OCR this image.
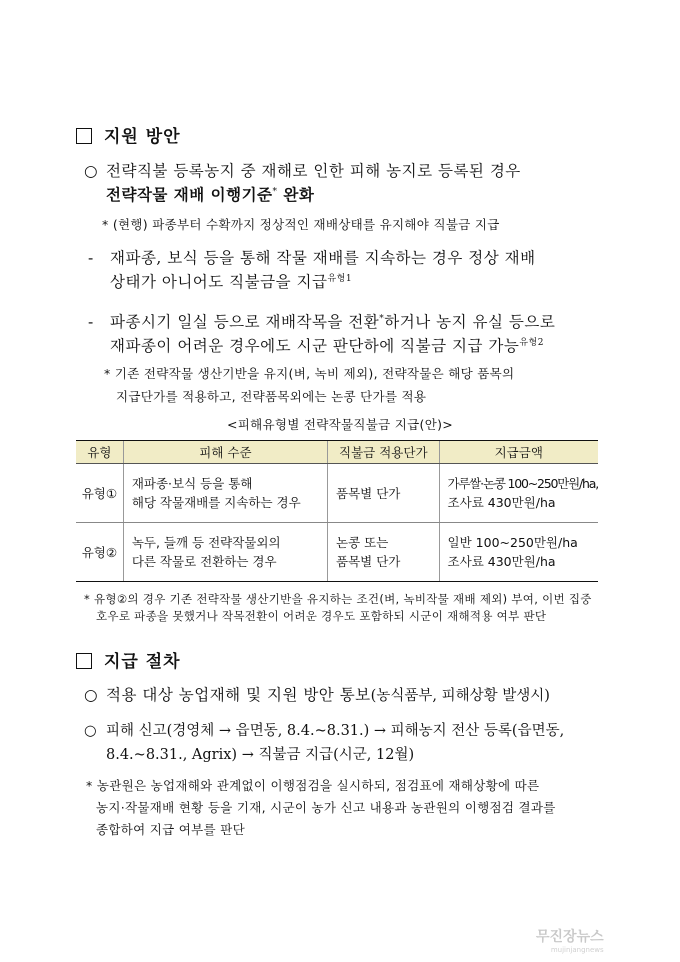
지원 방안
○ 전략직불 등록농지 중 재해로 인한 피해 농지로 등록된 경우
전략작물 재배 이행기준* 완화
* (현행) 파종부터 수확까지 정상적인 재배상태를 유지해야 직불금 지급
- 재파종, 보식 등을 통해 작물 재배를 지속하는 경우 정상 재배
상태가 아니어도 직불금을 지급$^{유형1}$
- 파종시기 일실 등으로 재배작목을 전환*하거나 농지 유실 등으로
재파종이 어려운 경우에도 시군 판단하에 직불금 지급 가능$^{유형2}$
* 기존 전략작물 생산기반을 유지(벼, 녹비 제외), 전략작물은 해당 품목의
지급단가를 적용하고, 전략품목외에는 논콩 단가를 적용
<피해유형별 전략작물직불금 지급(안)>
유형	피해 수준	직불금 적용단가	지급금액
유형①	재파종·보식 등을 통해
해당 작물재배를 지속하는 경우	품목별 단가	가루쌀·논콩 100~250만원/ha,
조사료 430만원/ha

유형②	녹두, 들깨 등 전략작물외의
다른 작물로 전환하는 경우	논콩 또는
품목별 단가	일반 100~250만원/ha
조사료 430만원/ha
* 유형②의 경우 기존 전략작물 생산기반을 유지하는 조건(벼, 녹비작물 재배 제외) 부여, 이번 집중
호우로 파종을 못했거나 작목전환이 어려운 경우도 포함하되 시군이 재해적용 여부 판단
지급 절차
○ 적용 대상 농업재해 및 지원 방안 통보(농식품부, 피해상황 발생시)
○ 피해 신고(경영체 → 읍면동, 8.4.~8.31.) → 피해농지 전산 등록(읍면동,
8.4.~8.31., Agrix) → 직불금 지급(시군, 12월)
* 농관원은 농업재해와 관계없이 이행점검을 실시하되, 점검표에 재해상황에 따른
농지·작물재배 현황 등을 기재, 시군이 농가 신고 내용과 농관원의 이행점검 결과를
종합하여 지급 여부를 판단
무진장뉴스
mujinjangnews
